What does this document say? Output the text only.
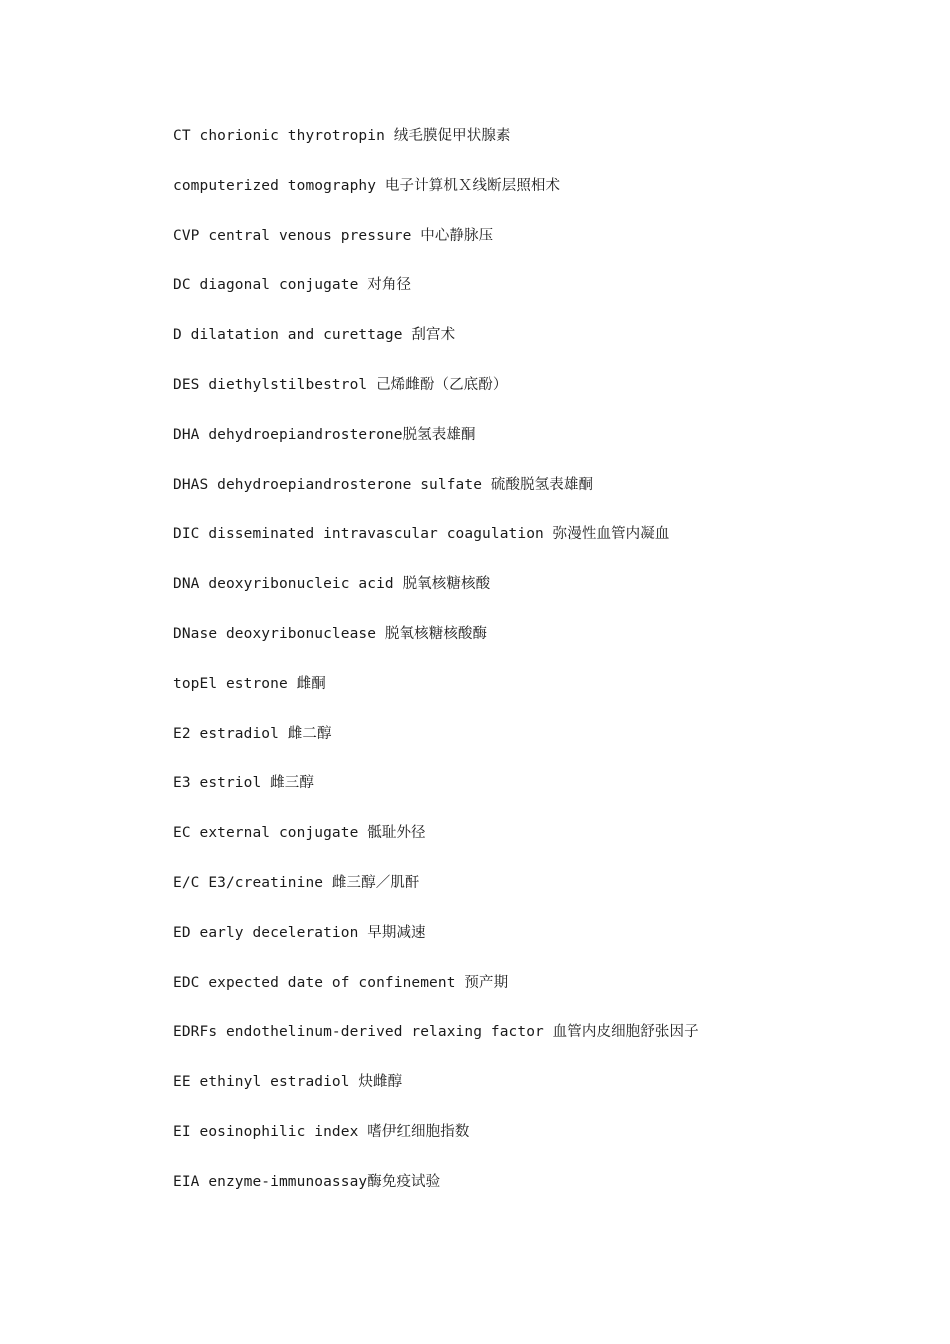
CT chorionic thyrotropin 绒毛膜促甲状腺素
computerized tomography 电子计算机Ｘ线断层照相术
CVP central venous pressure 中心静脉压
DC diagonal conjugate 对角径
D dilatation and curettage 刮宫术
DES diethylstilbestrol 己烯雌酚（乙底酚）
DHA dehydroepiandrosterone脱氢表雄酮
DHAS dehydroepiandrosterone sulfate 硫酸脱氢表雄酮
DIC disseminated intravascular coagulation 弥漫性血管内凝血
DNA deoxyribonucleic acid 脱氧核糖核酸
DNase deoxyribonuclease 脱氧核糖核酸酶
topEl estrone 雌酮
E2 estradiol 雌二醇
E3 estriol 雌三醇
EC external conjugate 骶耻外径
E/C E3/creatinine 雌三醇／肌酐
ED early deceleration 早期减速
EDC expected date of confinement 预产期
EDRFs endothelinum-derived relaxing factor 血管内皮细胞舒张因子
EE ethinyl estradiol 炔雌醇
EI eosinophilic index 嗜伊红细胞指数
EIA enzyme-immunoassay酶免疫试验
